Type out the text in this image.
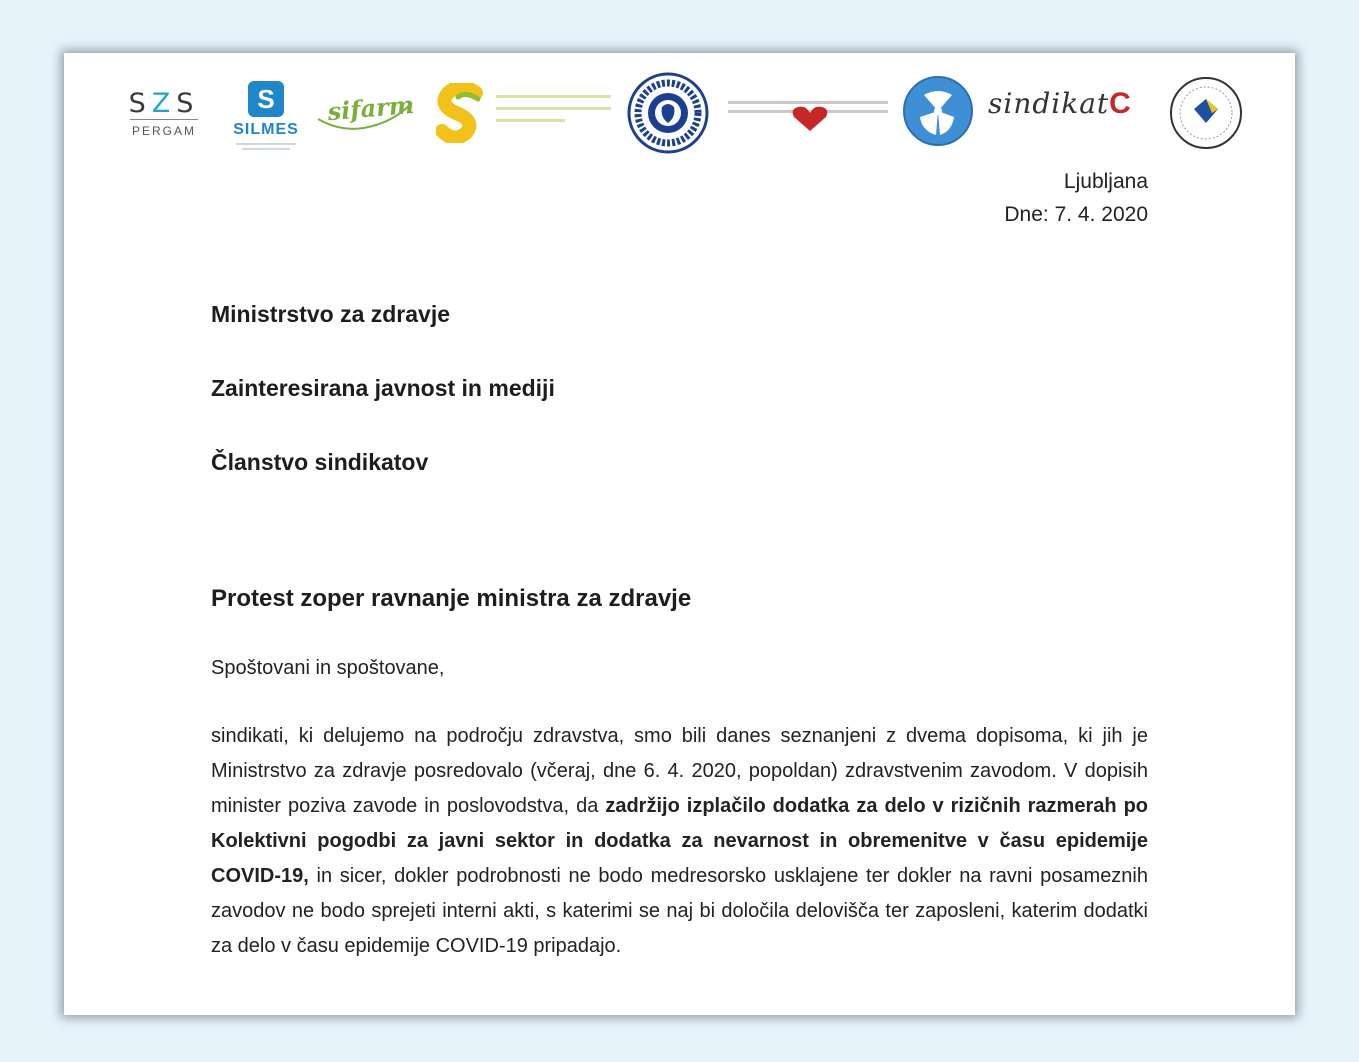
SZS
PERGAM
S
SILMES
sifarm	sindikatC
Ljubljana
Dne: 7. 4. 2020

Ministrstvo za zdravje

Zainteresirana javnost in mediji

Članstvo sindikatov

Protest zoper ravnanje ministra za zdravje
Spoštovani in spoštovane,

sindikati, ki delujemo na področju zdravstva, smo bili danes seznanjeni z dvema dopisoma, ki jih je Ministrstvo za zdravje posredovalo (včeraj, dne 6. 4. 2020, popoldan) zdravstvenim zavodom. V dopisih minister poziva zavode in poslovodstva, da zadržijo izplačilo dodatka za delo v rizičnih razmerah po Kolektivni pogodbi za javni sektor in dodatka za nevarnost in obremenitve v času epidemije COVID-19, in sicer, dokler podrobnosti ne bodo medresorsko usklajene ter dokler na ravni posameznih zavodov ne bodo sprejeti interni akti, s katerimi se naj bi določila delovišča ter zaposleni, katerim dodatki za delo v času epidemije COVID-19 pripadajo.
